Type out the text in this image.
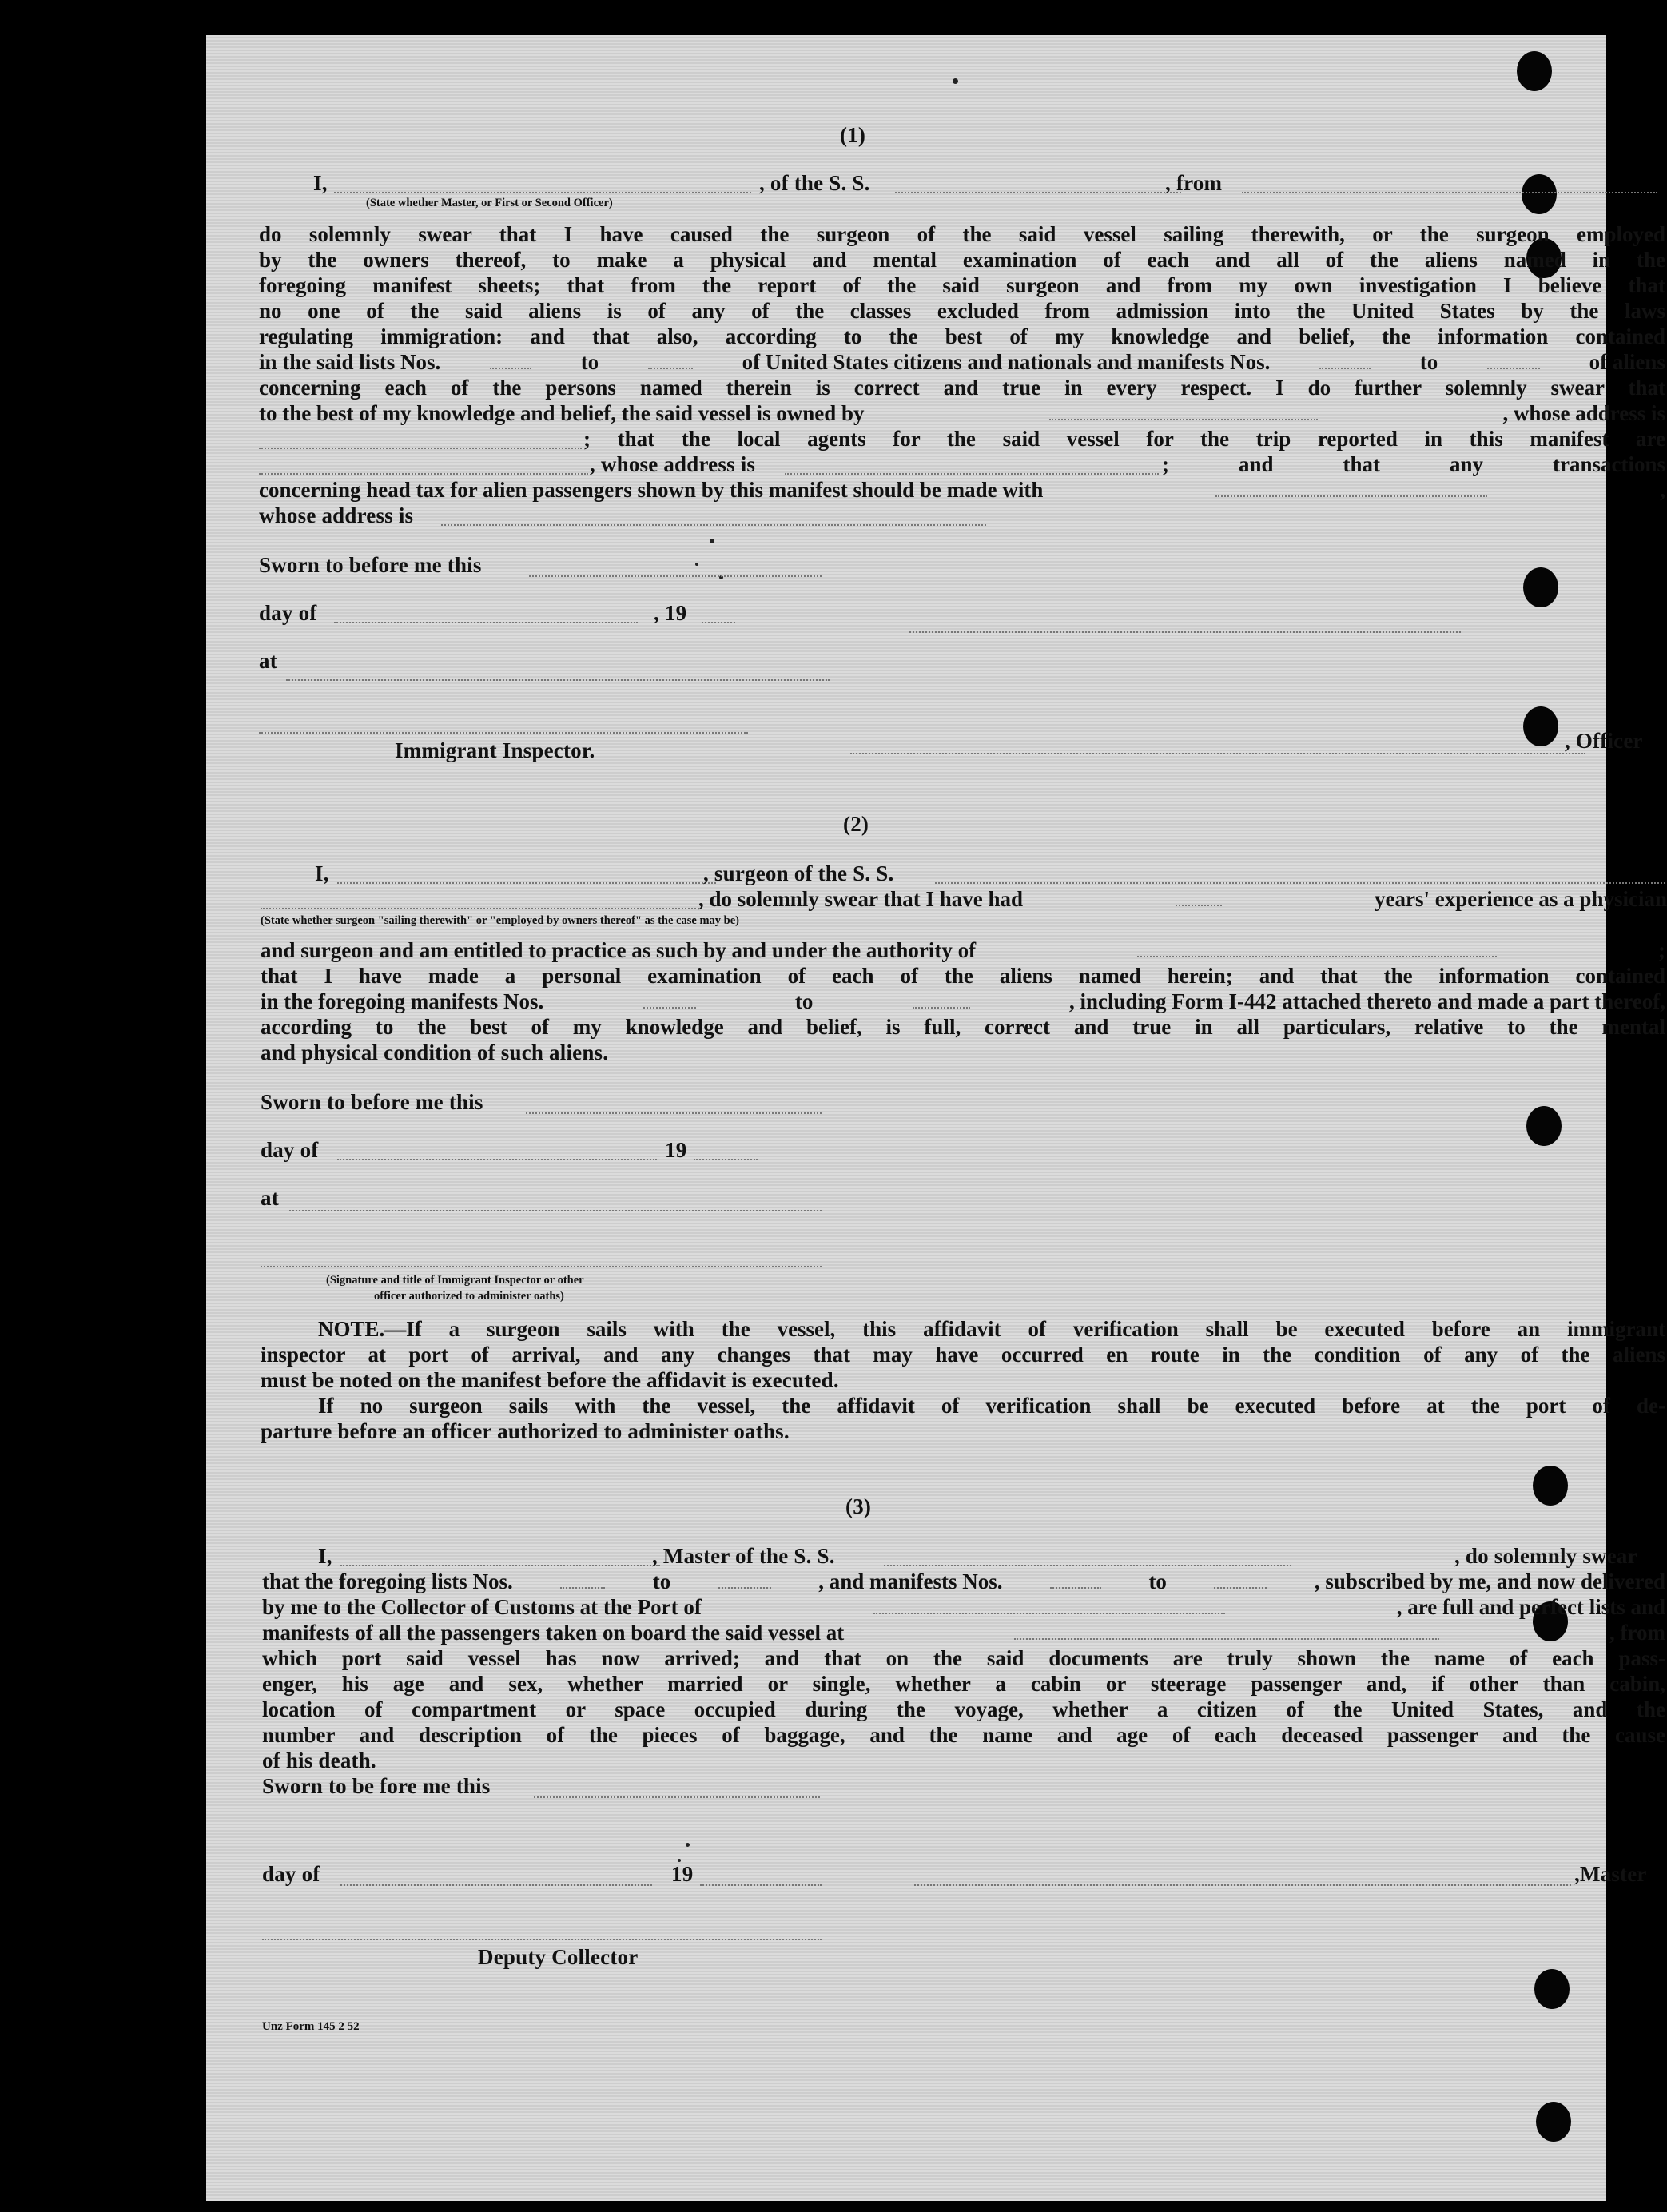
(1)
I,	, of the S. S.	, from
(State whether Master, or First or Second Officer)
do solemnly swear that I have caused the surgeon of the said vessel sailing therewith, or the surgeon employed
by the owners thereof, to make a physical and mental examination of each and all of the aliens named in the
foregoing manifest sheets; that from the report of the said surgeon and from my own investigation I believe that
no one of the said aliens is of any of the classes excluded from admission into the United States by the laws
regulating immigration: and that also, according to the best of my knowledge and belief, the information contained
in the said lists Nos.	to	of United States citizens and nationals and manifests Nos.	to	of aliens
concerning each of the persons named therein is correct and true in every respect. I do further solemnly swear that
to the best of my knowledge and belief, the said vessel is owned by	, whose address is
; that the local agents for the said vessel for the trip reported in this manifest are
, whose address is	; and that any transactions
concerning head tax for alien passengers shown by this manifest should be made with	,
whose address is
Sworn to before me this
day of	, 19
at
Immigrant Inspector.	, Officer
(2)
I,	, surgeon of the S. S.
, do solemnly swear that I have had	years' experience as a physician
(State whether surgeon "sailing therewith" or "employed by owners thereof" as the case may be)
and surgeon and am entitled to practice as such by and under the authority of	;
that I have made a personal examination of each of the aliens named herein; and that the information contained
in the foregoing manifests Nos.	to	, including Form I-442 attached thereto and made a part thereof,
according to the best of my knowledge and belief, is full, correct and true in all particulars, relative to the mental
and physical condition of such aliens.
Sworn to before me this
day of	19
at
(Signature and title of Immigrant Inspector or other
officer authorized to administer oaths)
NOTE.—If a surgeon sails with the vessel, this affidavit of verification shall be executed before an immigrant
inspector at port of arrival, and any changes that may have occurred en route in the condition of any of the aliens
must be noted on the manifest before the affidavit is executed.
If no surgeon sails with the vessel, the affidavit of verification shall be executed before at the port of de-
parture before an officer authorized to administer oaths.
(3)
I,	, Master of the S. S.	, do solemnly swear
that the foregoing lists Nos.	to	, and manifests Nos.	to	, subscribed by me, and now delivered
by me to the Collector of Customs at the Port of	, are full and perfect lists and
manifests of all the passengers taken on board the said vessel at	, from
which port said vessel has now arrived; and that on the said documents are truly shown the name of each pass-
enger, his age and sex, whether married or single, whether a cabin or steerage passenger and, if other than cabin,
location of compartment or space occupied during the voyage, whether a citizen of the United States, and the
number and description of the pieces of baggage, and the name and age of each deceased passenger and the cause
of his death.
Sworn to be fore me this
day of	19	,Master
Deputy Collector
Unz Form 145 2 52
